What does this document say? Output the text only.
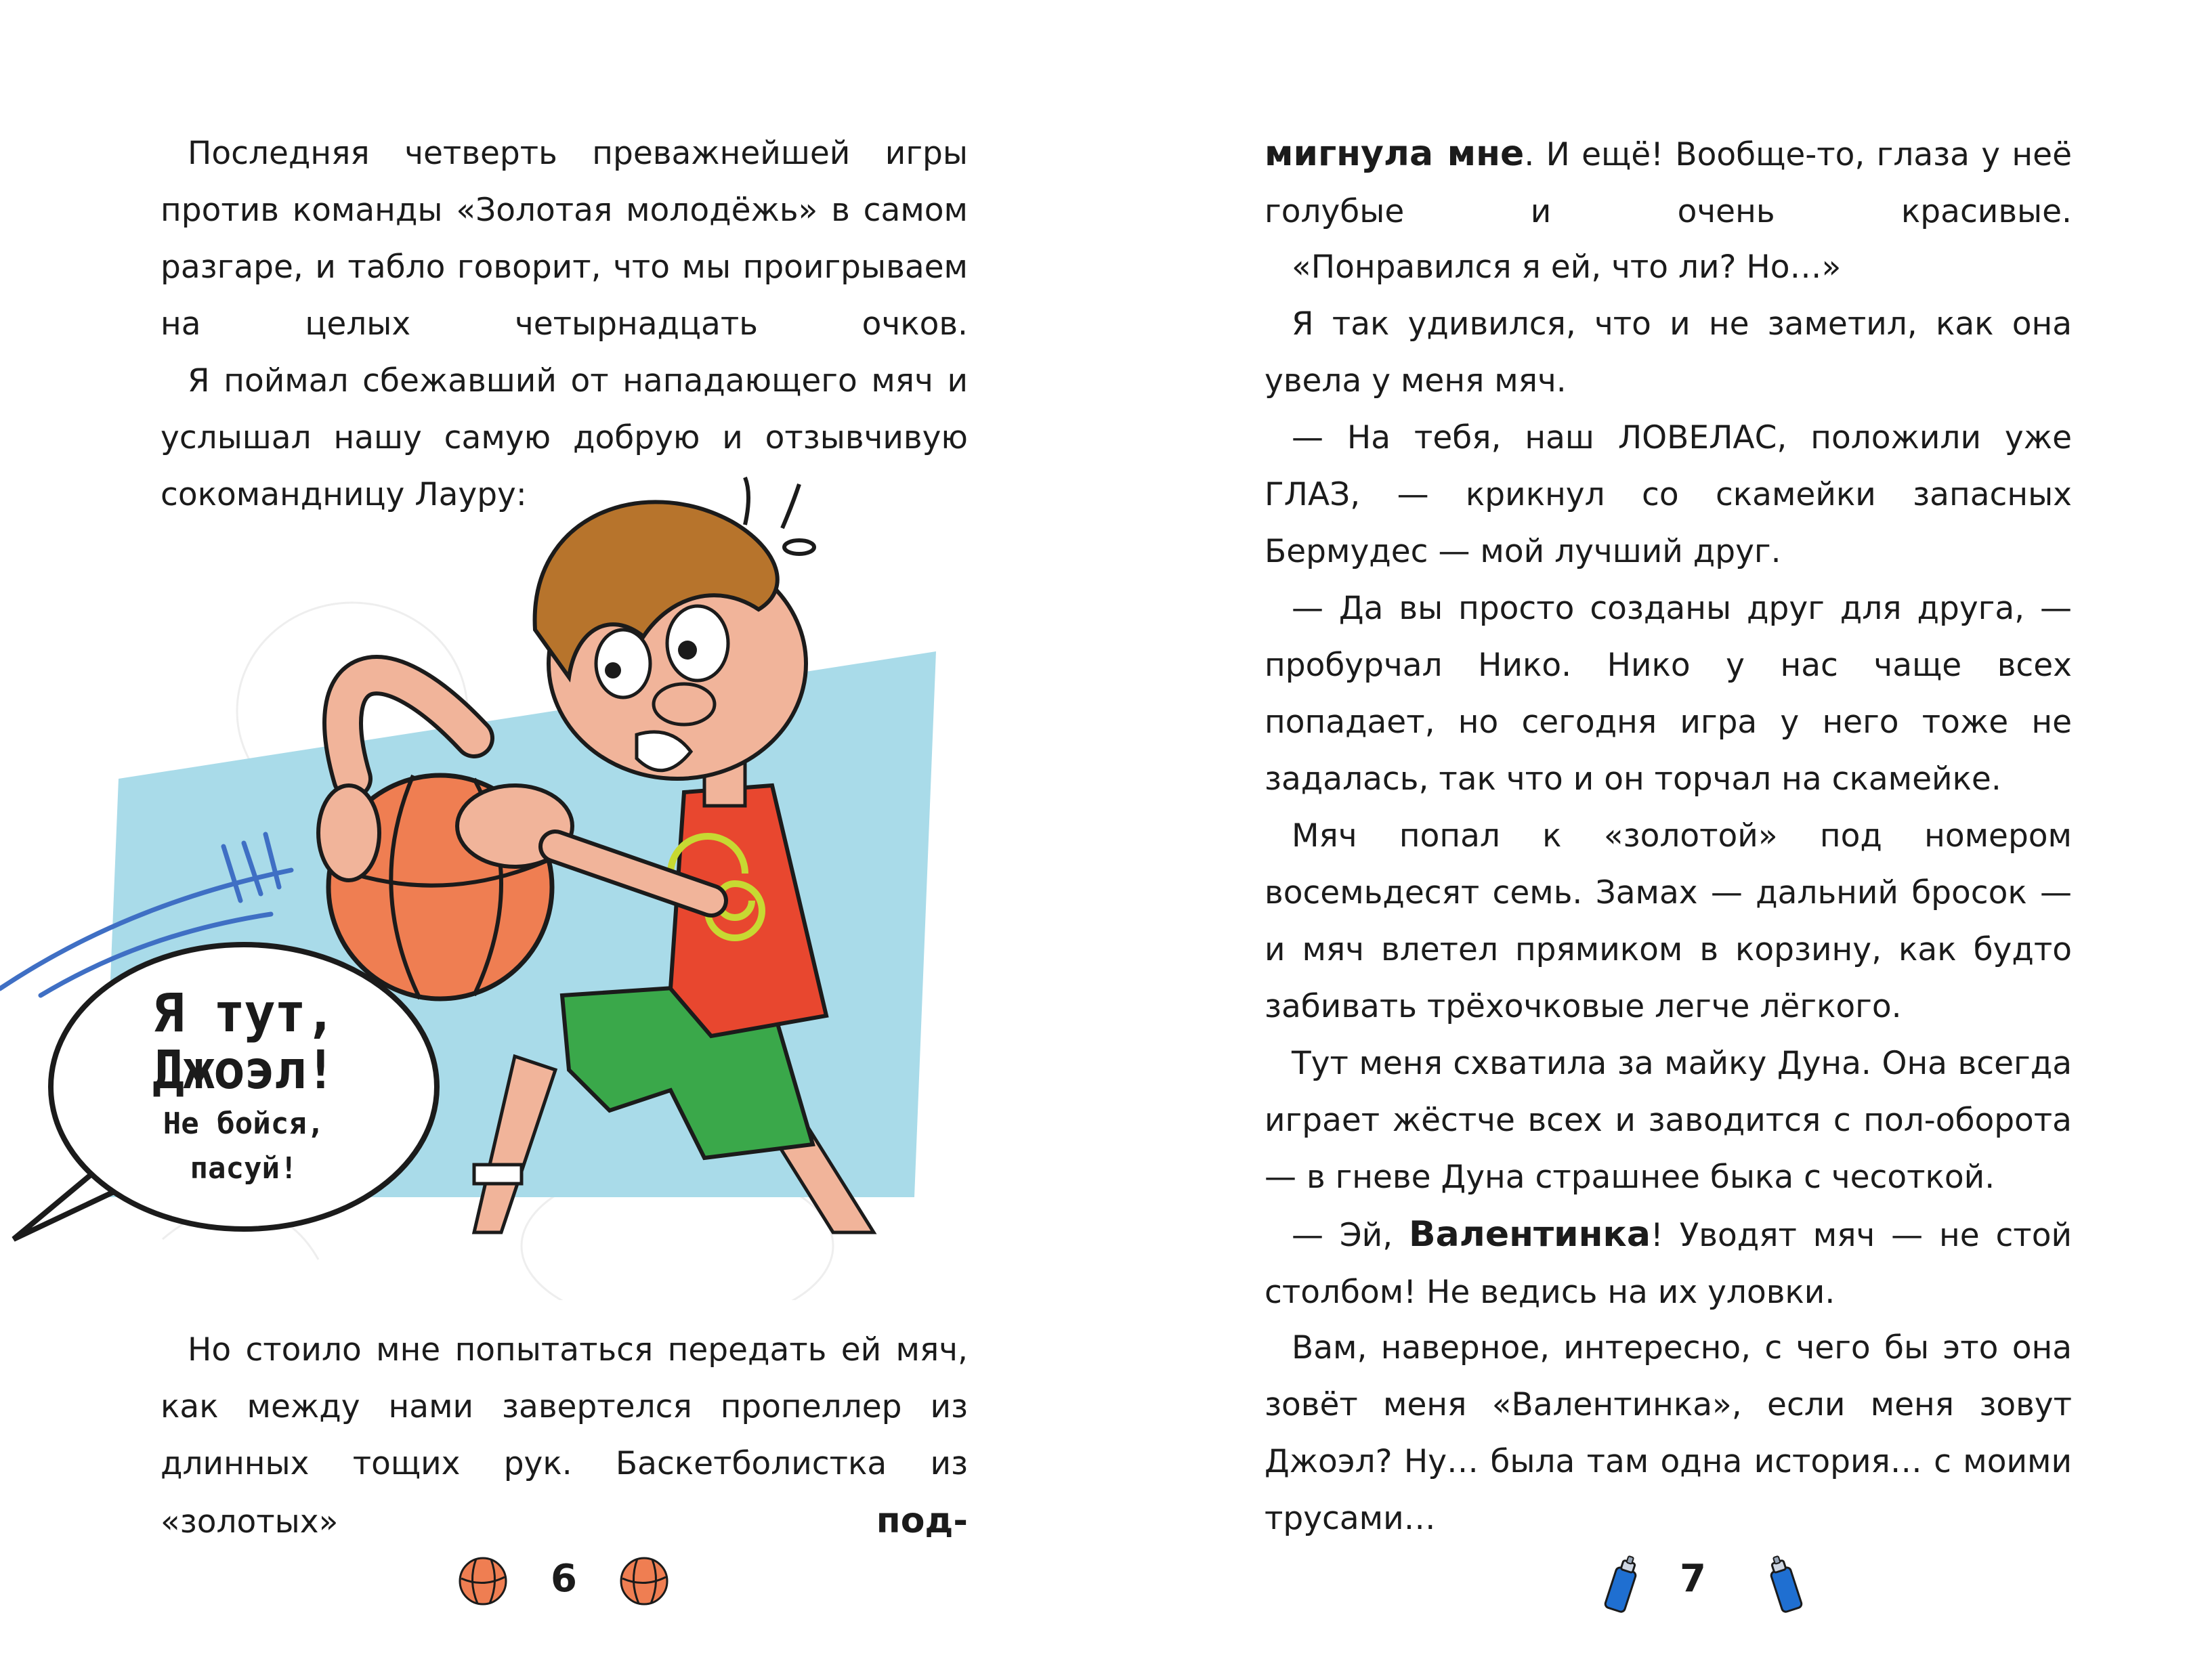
Последняя четверть преважнейшей игры против команды «Золотая молодёжь» в самом разгаре, и табло говорит, что мы проигрываем на целых четырнадцать очков.

Я поймал сбежавший от нападающего мяч и услышал нашу самую добрую и отзывчивую сокомандницу Лауру:

Я тут,
Джоэл!
Не бойся,
пасуй!

Но стоило мне попытаться передать ей мяч, как между нами завертелся пропеллер из длинных тощих рук. Баскетболистка из «золотых»	под-

6

мигнула мне. И ещё! Вообще-то, глаза у неё голубые и очень красивые.

«Понравился я ей, что ли? Но…»

Я так удивился, что и не заметил, как она увела у меня мяч.

— На тебя, наш ЛОВЕЛАС, положили уже ГЛАЗ, — крикнул со скамейки запасных Бермудес — мой лучший друг.

— Да вы просто созданы друг для друга, — пробурчал Нико. Нико у нас чаще всех попадает, но сегодня игра у него тоже не задалась, так что и он торчал на скамейке.

Мяч попал к «золотой» под номером восемьдесят семь. Замах — дальний бросок — и мяч влетел прямиком в корзину, как будто забивать трёхочковые легче лёгкого.

Тут меня схватила за майку Дуна. Она всегда играет жёстче всех и заводится с пол-оборота — в гневе Дуна страшнее быка с чесоткой.

— Эй, Валентинка! Уводят мяч — не стой столбом! Не ведись на их уловки.

Вам, наверное, интересно, с чего бы это она зовёт меня «Валентинка», если меня зовут Джоэл? Ну… была там одна история… с моими трусами…

7
